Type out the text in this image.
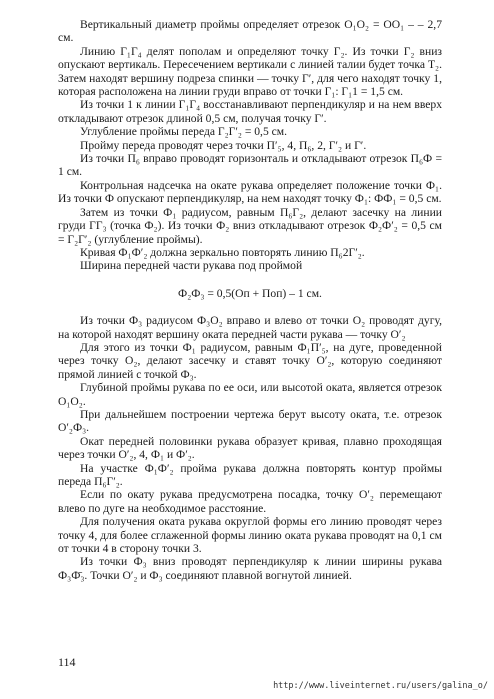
Вертикальный диаметр проймы определяет отрезок О₁О₂ = ОО₁ – – 2,7 см.

Линию Г₁Г₄ делят пополам и определяют точку Г₂. Из точки Г₂ вниз опускают вертикаль. Пересечением вертикали с линией талии будет точка Т₂. Затем находят вершину подреза спинки — точку Г′, для чего находят точку 1, которая расположена на линии груди вправо от точки Г₁: Г₁1 = 1,5 см.

Из точки 1 к линии Г₁Г₄ восстанавливают перпендикуляр и на нем вверх откладывают отрезок длиной 0,5 см, получая точку Г′.

Углубление проймы переда Г₂Г′₂ = 0,5 см.

Пройму переда проводят через точки П′₅, 4, П₆, 2, Г′₂ и Г′.

Из точки П₆ вправо проводят горизонталь и откладывают отрезок П₆Ф = 1 см.

Контрольная надсечка на окате рукава определяет положение точки Ф₁. Из точки Ф опускают перпендикуляр, на нем находят точку Ф₁: ФФ₁ = 0,5 см.

Затем из точки Ф₁ радиусом, равным П₆Г₂, делают засечку на линии груди ГГ₃ (точка Ф₂). Из точки Ф₂ вниз откладывают отрезок Ф₂Ф′₂ = 0,5 см = Г₂Г′₂ (углубление проймы).

Кривая Ф₁Ф′₂ должна зеркально повторять линию П₆2Г′₂.

Ширина передней части рукава под проймой

Ф₂Ф₃ = 0,5(Оп + Поп) – 1 см.

Из точки Ф₃ радиусом Ф₃О₂ вправо и влево от точки О₂ проводят дугу, на которой находят вершину оката передней части рукава — точку О′₂

Для этого из точки Ф₁ радиусом, равным Ф₁П′₅, на дуге, проведенной через точку О₂, делают засечку и ставят точку О′₂, которую соединяют прямой линией с точкой Ф₃.

Глубиной проймы рукава по ее оси, или высотой оката, является отрезок О₁О₂.

При дальнейшем построении чертежа берут высоту оката, т.е. отрезок О′₂Ф₃.

Окат передней половинки рукава образует кривая, плавно проходящая через точки О′₂, 4, Ф₁ и Ф′₂.

На участке Ф₁Ф′₂ пройма рукава должна повторять контур проймы переда П₆Г′₂.

Если по окату рукава предусмотрена посадка, точку О′₂ перемещают влево по дуге на необходимое расстояние.

Для получения оката рукава округлой формы его линию проводят через точку 4, для более сглаженной формы линию оката рукава проводят на 0,1 см от точки 4 в сторону точки 3.

Из точки Ф₃ вниз проводят перпендикуляр к линии ширины рукава Ф₃Ф̄₃. Точки О′₂ и Ф₃ соединяют плавной вогнутой линией.

114
http://www.liveinternet.ru/users/galina_o/
